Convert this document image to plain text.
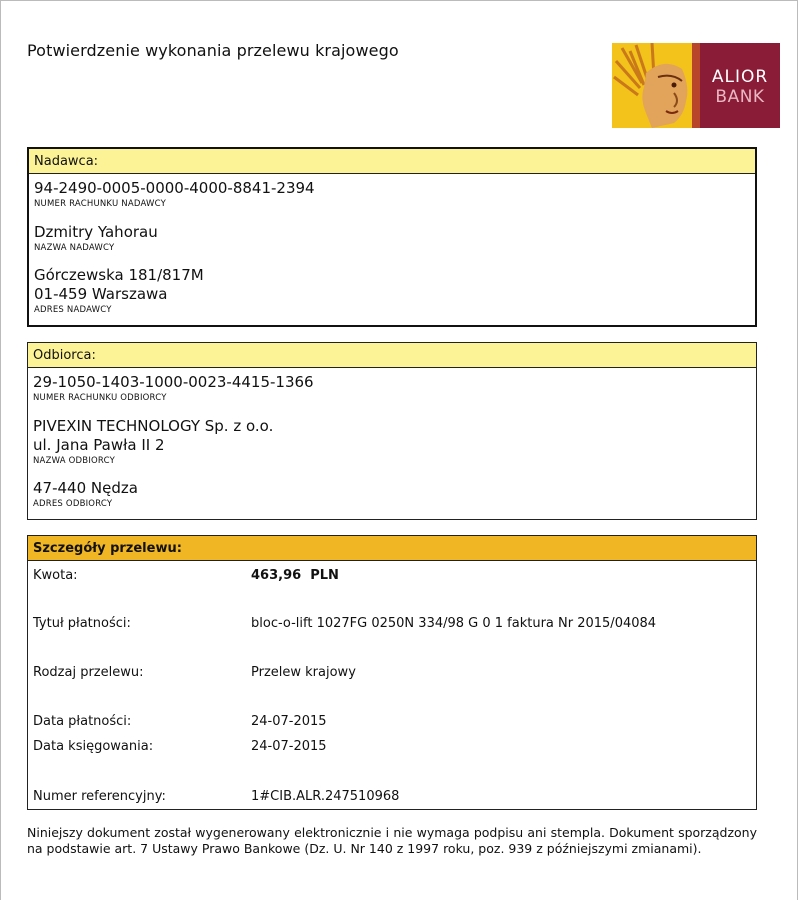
Potwierdzenie wykonania przelewu krajowego
ALIOR
BANK
Nadawca:
94-2490-0005-0000-4000-8841-2394
NUMER RACHUNKU NADAWCY
Dzmitry Yahorau
NAZWA NADAWCY
Górczewska 181/817M
01-459 Warszawa
ADRES NADAWCY
Odbiorca:
29-1050-1403-1000-0023-4415-1366
NUMER RACHUNKU ODBIORCY
PIVEXIN TECHNOLOGY Sp. z o.o.
ul. Jana Pawła II 2
NAZWA ODBIORCY
47-440 Nędza
ADRES ODBIORCY
Szczegóły przelewu:
Kwota:	463,96  PLN
Tytuł płatności:	bloc-o-lift 1027FG 0250N 334/98 G 0 1 faktura Nr 2015/04084
Rodzaj przelewu:	Przelew krajowy
Data płatności:	24-07-2015
Data księgowania:	24-07-2015
Numer referencyjny:	1#CIB.ALR.247510968
Niniejszy dokument został wygenerowany elektronicznie i nie wymaga podpisu ani stempla. Dokument sporządzony na podstawie art. 7 Ustawy Prawo Bankowe (Dz. U. Nr 140 z 1997 roku, poz. 939 z późniejszymi zmianami).
